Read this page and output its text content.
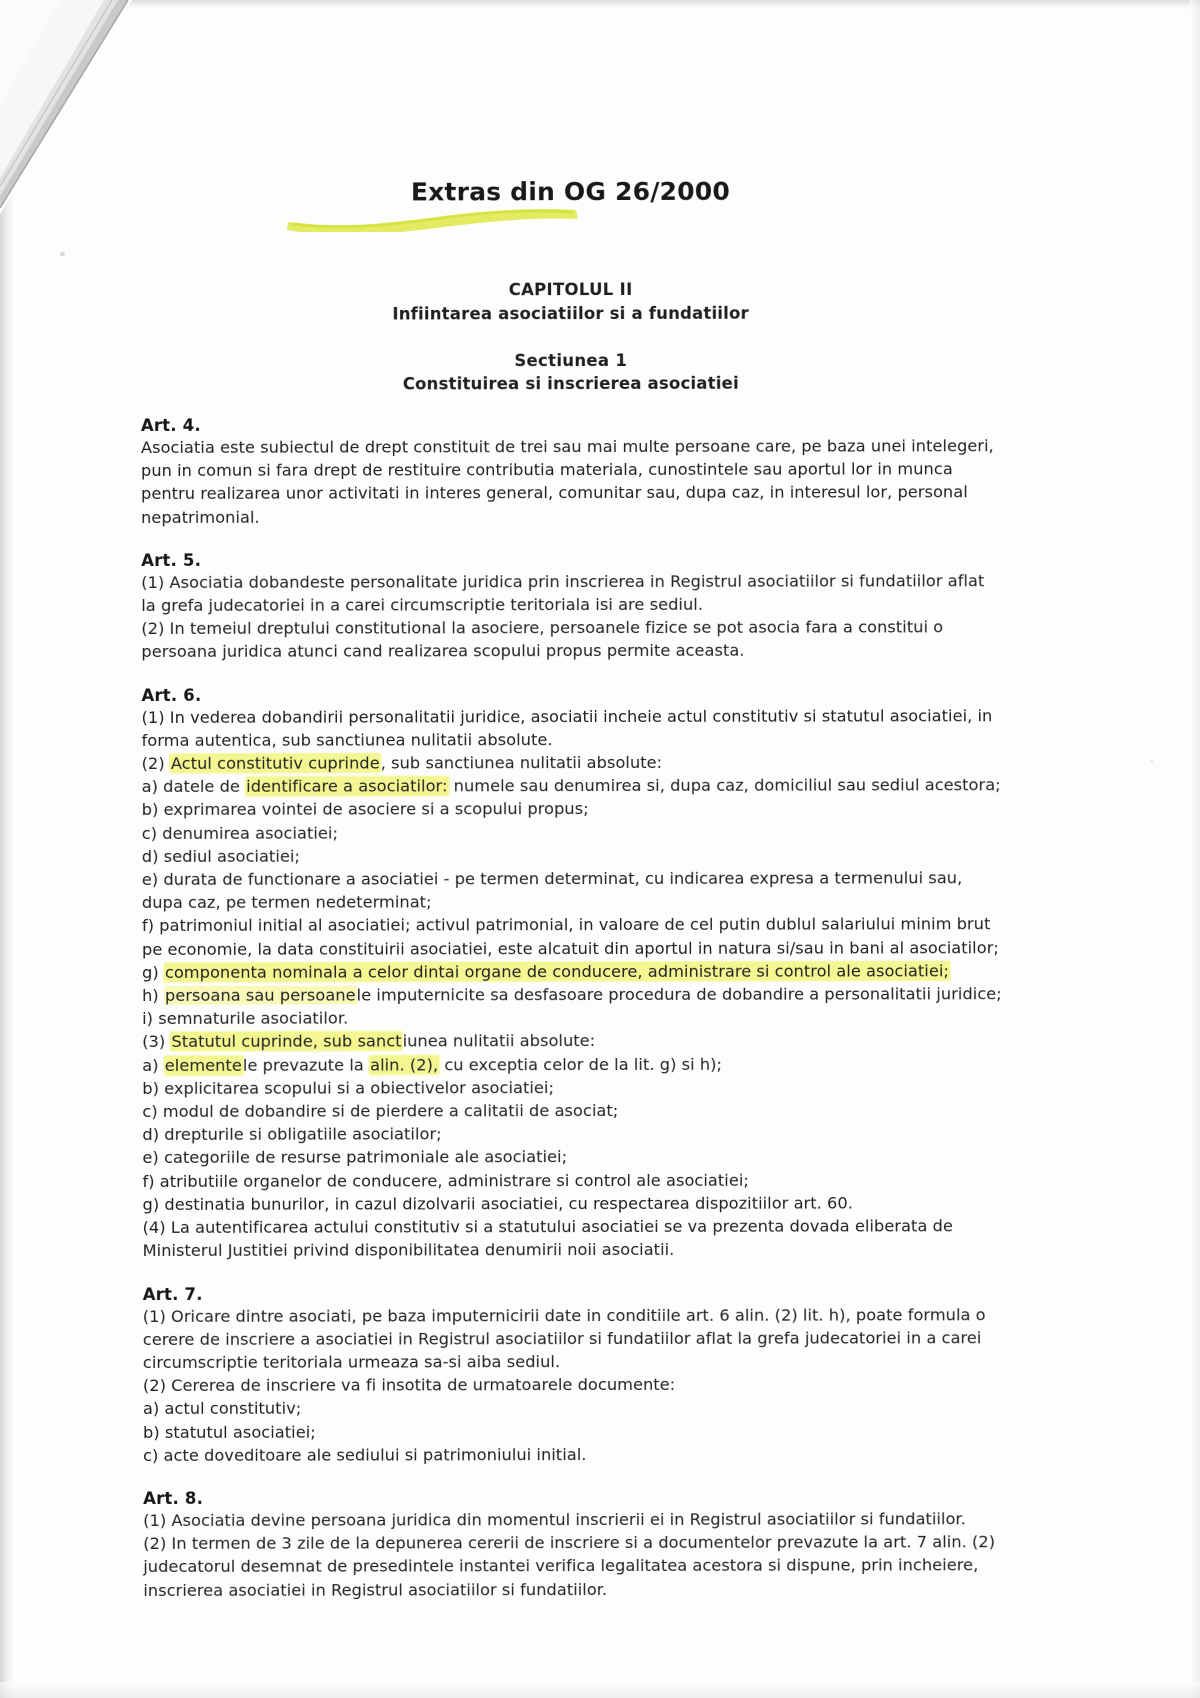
Extras din OG 26/2000
CAPITOLUL II
Infiintarea asociatiilor si a fundatiilor
Sectiunea 1
Constituirea si inscrierea asociatiei
Art. 4.
Asociatia este subiectul de drept constituit de trei sau mai multe persoane care, pe baza unei intelegeri, pun in comun si fara drept de restituire contributia materiala, cunostintele sau aportul lor in munca pentru realizarea unor activitati in interes general, comunitar sau, dupa caz, in interesul lor, personal nepatrimonial.
Art. 5.
(1) Asociatia dobandeste personalitate juridica prin inscrierea in Registrul asociatiilor si fundatiilor aflat la grefa judecatoriei in a carei circumscriptie teritoriala isi are sediul.
(2) In temeiul dreptului constitutional la asociere, persoanele fizice se pot asocia fara a constitui o persoana juridica atunci cand realizarea scopului propus permite aceasta.
Art. 6.
(1) In vederea dobandirii personalitatii juridice, asociatii incheie actul constitutiv si statutul asociatiei, in forma autentica, sub sanctiunea nulitatii absolute.
(2) Actul constitutiv cuprinde, sub sanctiunea nulitatii absolute:
a) datele de identificare a asociatilor: numele sau denumirea si, dupa caz, domiciliul sau sediul acestora;
b) exprimarea vointei de asociere si a scopului propus;
c) denumirea asociatiei;
d) sediul asociatiei;
e) durata de functionare a asociatiei - pe termen determinat, cu indicarea expresa a termenului sau, dupa caz, pe termen nedeterminat;
f) patrimoniul initial al asociatiei; activul patrimonial, in valoare de cel putin dublul salariului minim brut pe economie, la data constituirii asociatiei, este alcatuit din aportul in natura si/sau in bani al asociatilor;
g) componenta nominala a celor dintai organe de conducere, administrare si control ale asociatiei;
h) persoana sau persoanele imputernicite sa desfasoare procedura de dobandire a personalitatii juridice;
i) semnaturile asociatilor.
(3) Statutul cuprinde, sub sanctiunea nulitatii absolute:
a) elementele prevazute la alin. (2), cu exceptia celor de la lit. g) si h);
b) explicitarea scopului si a obiectivelor asociatiei;
c) modul de dobandire si de pierdere a calitatii de asociat;
d) drepturile si obligatiile asociatilor;
e) categoriile de resurse patrimoniale ale asociatiei;
f) atributiile organelor de conducere, administrare si control ale asociatiei;
g) destinatia bunurilor, in cazul dizolvarii asociatiei, cu respectarea dispozitiilor art. 60.
(4) La autentificarea actului constitutiv si a statutului asociatiei se va prezenta dovada eliberata de Ministerul Justitiei privind disponibilitatea denumirii noii asociatii.
Art. 7.
(1) Oricare dintre asociati, pe baza imputernicirii date in conditiile art. 6 alin. (2) lit. h), poate formula o cerere de inscriere a asociatiei in Registrul asociatiilor si fundatiilor aflat la grefa judecatoriei in a carei circumscriptie teritoriala urmeaza sa-si aiba sediul.
(2) Cererea de inscriere va fi insotita de urmatoarele documente:
a) actul constitutiv;
b) statutul asociatiei;
c) acte doveditoare ale sediului si patrimoniului initial.
Art. 8.
(1) Asociatia devine persoana juridica din momentul inscrierii ei in Registrul asociatiilor si fundatiilor.
(2) In termen de 3 zile de la depunerea cererii de inscriere si a documentelor prevazute la art. 7 alin. (2) judecatorul desemnat de presedintele instantei verifica legalitatea acestora si dispune, prin incheiere, inscrierea asociatiei in Registrul asociatiilor si fundatiilor.
